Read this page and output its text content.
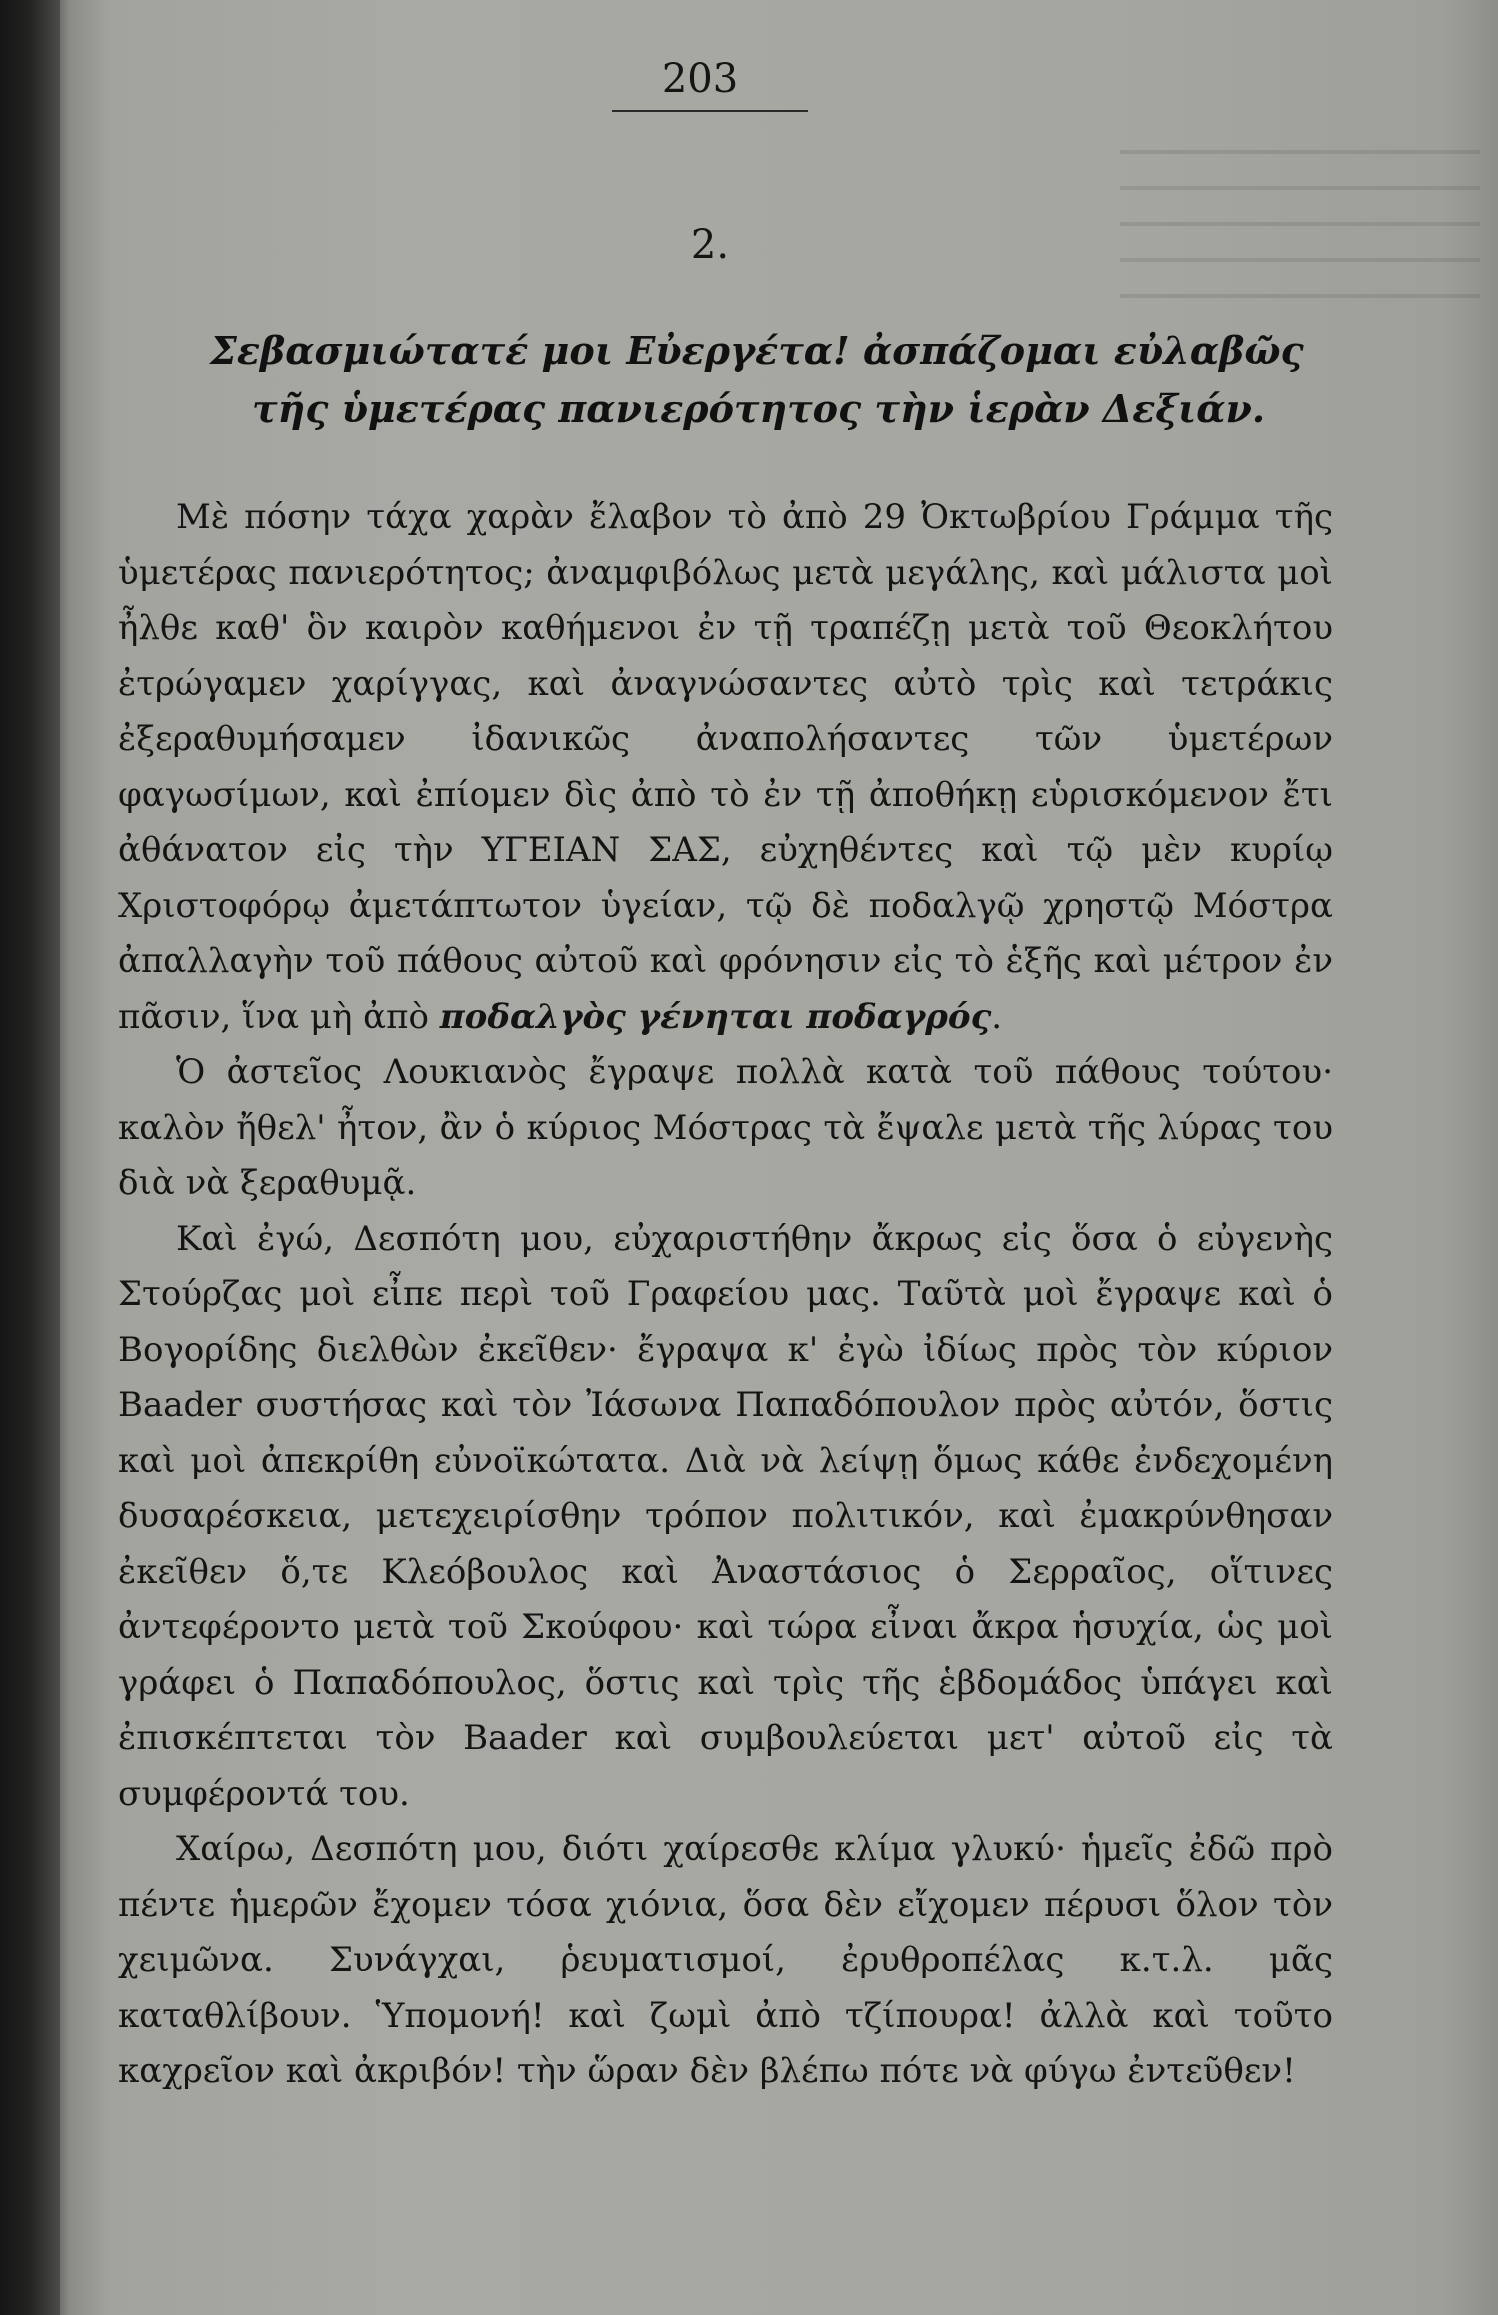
203
2.
Σεβασμιώτατέ μοι Εὐεργέτα! ἀσπάζομαι εὐλαβῶς
τῆς ὑμετέρας πανιερότητος τὴν ἱερὰν Δεξιάν.

Μὲ πόσην τάχα χαρὰν ἔλαβον τὸ ἀπὸ 29 Ὀκτωβρίου Γράμμα τῆς ὑμετέρας πανιερότητος; ἀναμφιβόλως μετὰ μεγάλης, καὶ μάλιστα μοὶ ἦλθε καθ' ὃν καιρὸν καθήμενοι ἐν τῇ τραπέζῃ μετὰ τοῦ Θεοκλήτου ἐτρώγαμεν χαρίγγας, καὶ ἀναγνώσαντες αὐτὸ τρὶς καὶ τετράκις ἐξεραθυμήσαμεν ἰδανικῶς ἀναπολήσαντες τῶν ὑμετέρων φαγωσίμων, καὶ ἐπίομεν δὶς ἀπὸ τὸ ἐν τῇ ἀποθήκῃ εὑρισκόμενον ἔτι ἀθάνατον εἰς τὴν ΥΓΕΙΑΝ ΣΑΣ, εὐχηθέντες καὶ τῷ μὲν κυρίῳ Χριστοφόρῳ ἀμετάπτωτον ὑγείαν, τῷ δὲ ποδαλγῷ χρηστῷ Μόστρα ἀπαλλαγὴν τοῦ πάθους αὐτοῦ καὶ φρόνησιν εἰς τὸ ἑξῆς καὶ μέτρον ἐν πᾶσιν, ἵνα μὴ ἀπὸ ποδαλγὸς γένηται ποδαγρός.

Ὁ ἀστεῖος Λουκιανὸς ἔγραψε πολλὰ κατὰ τοῦ πάθους τούτου· καλὸν ἤθελ' ἦτον, ἂν ὁ κύριος Μόστρας τὰ ἔψαλε μετὰ τῆς λύρας του διὰ νὰ ξεραθυμᾷ.

Καὶ ἐγώ, Δεσπότη μου, εὐχαριστήθην ἄκρως εἰς ὅσα ὁ εὐγενὴς Στούρζας μοὶ εἶπε περὶ τοῦ Γραφείου μας. Ταῦτὰ μοὶ ἔγραψε καὶ ὁ Βογορίδης διελθὼν ἐκεῖθεν· ἔγραψα κ' ἐγὼ ἰδίως πρὸς τὸν κύριον Baader συστήσας καὶ τὸν Ἰάσωνα Παπαδόπουλον πρὸς αὐτόν, ὅστις καὶ μοὶ ἀπεκρίθη εὐνοϊκώτατα. Διὰ νὰ λείψῃ ὅμως κάθε ἐνδεχομένη δυσαρέσκεια, μετεχειρίσθην τρόπον πολιτικόν, καὶ ἐμακρύνθησαν ἐκεῖθεν ὅ,τε Κλεόβουλος καὶ Ἀναστάσιος ὁ Σερραῖος, οἵτινες ἀντεφέροντο μετὰ τοῦ Σκούφου· καὶ τώρα εἶναι ἄκρα ἡσυχία, ὡς μοὶ γράφει ὁ Παπαδόπουλος, ὅστις καὶ τρὶς τῆς ἑβδομάδος ὑπάγει καὶ ἐπισκέπτεται τὸν Baader καὶ συμβουλεύεται μετ' αὐτοῦ εἰς τὰ συμφέροντά του.

Χαίρω, Δεσπότη μου, διότι χαίρεσθε κλίμα γλυκύ· ἡμεῖς ἐδῶ πρὸ πέντε ἡμερῶν ἔχομεν τόσα χιόνια, ὅσα δὲν εἴχομεν πέρυσι ὅλον τὸν χειμῶνα. Συνάγχαι, ῥευματισμοί, ἐρυθροπέλας κ.τ.λ. μᾶς καταθλίβουν. Ὑπομονή! καὶ ζωμὶ ἀπὸ τζίπουρα! ἀλλὰ καὶ τοῦτο καχρεῖον καὶ ἀκριβόν! τὴν ὥραν δὲν βλέπω πότε νὰ φύγω ἐντεῦθεν!
